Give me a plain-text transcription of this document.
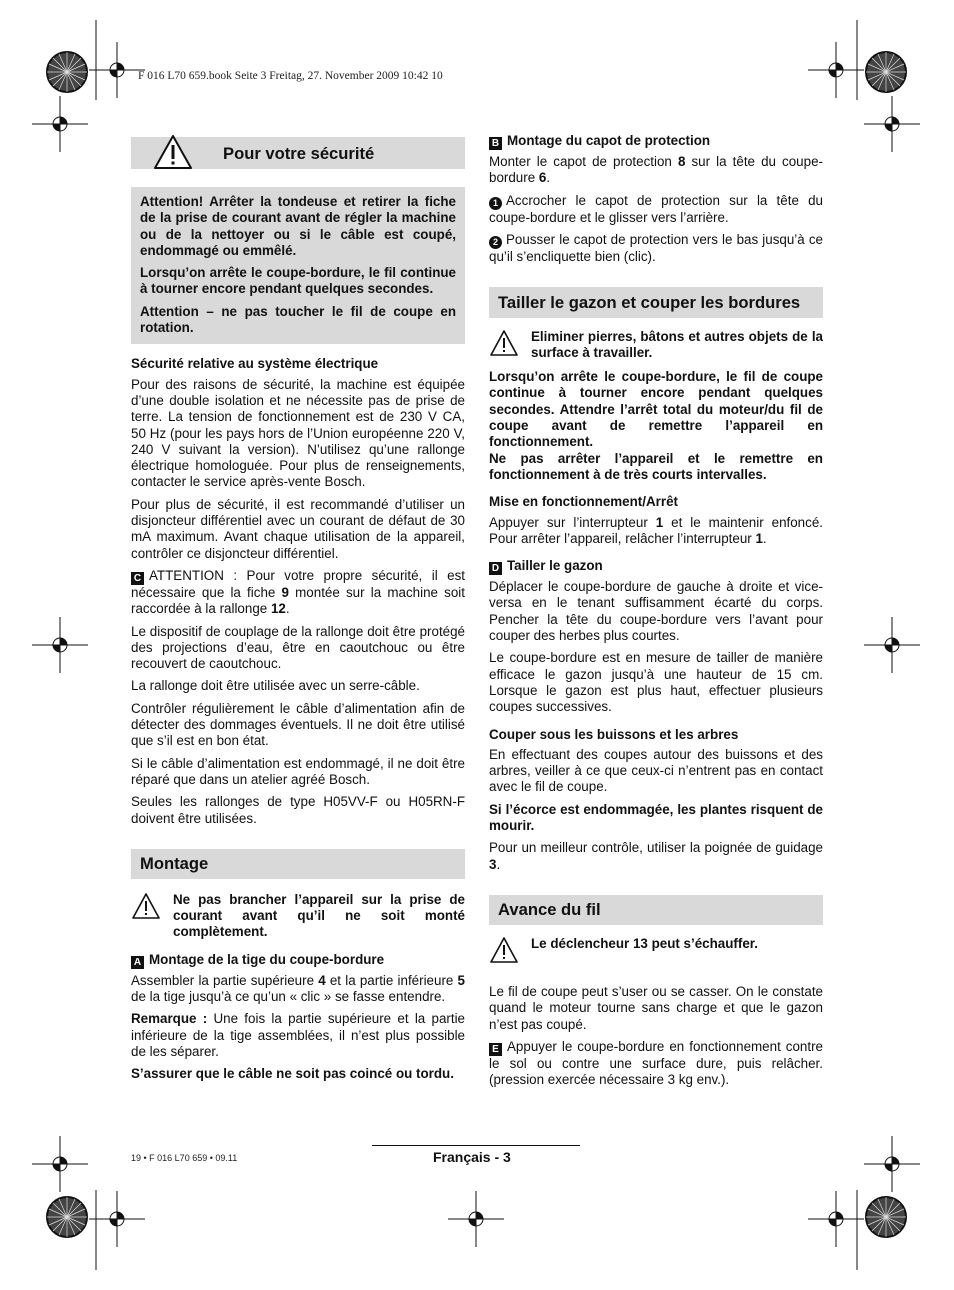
F 016 L70 659.book Seite 3 Freitag, 27. November 2009 10:42 10
Pour votre sécurité

Attention! Arrêter la tondeuse et retirer la fiche de la prise de courant avant de régler la machine ou de la nettoyer ou si le câble est coupé, endommagé ou emmêlé.

Lorsqu’on arrête le coupe-bordure, le fil continue à tourner encore pendant quelques secondes.

Attention – ne pas toucher le fil de coupe en rotation.

Sécurité relative au système électrique

Pour des raisons de sécurité, la machine est équipée d’une double isolation et ne nécessite pas de prise de terre. La tension de fonctionnement est de 230 V CA, 50 Hz (pour les pays hors de l’Union européenne 220 V, 240 V suivant la version). N’utilisez qu’une rallonge électrique homologuée. Pour plus de renseignements, contacter le service après-vente Bosch.

Pour plus de sécurité, il est recommandé d’utiliser un disjoncteur différentiel avec un courant de défaut de 30 mA maximum. Avant chaque utilisation de la appareil, contrôler ce disjoncteur différentiel.

C ATTENTION : Pour votre propre sécurité, il est nécessaire que la fiche 9 montée sur la machine soit raccordée à la rallonge 12.

Le dispositif de couplage de la rallonge doit être protégé des projections d’eau, être en caoutchouc ou être recouvert de caoutchouc.

La rallonge doit être utilisée avec un serre-câble.

Contrôler régulièrement le câble d’alimentation afin de détecter des dommages éventuels. Il ne doit être utilisé que s’il est en bon état.

Si le câble d’alimentation est endommagé, il ne doit être réparé que dans un atelier agréé Bosch.

Seules les rallonges de type H05VV-F ou H05RN-F doivent être utilisées.

Montage
Ne pas brancher l’appareil sur la prise de courant avant qu’il ne soit monté complètement.
A Montage de la tige du coupe-bordure

Assembler la partie supérieure 4 et la partie inférieure 5 de la tige jusqu’à ce qu’un « clic » se fasse entendre.

Remarque : Une fois la partie supérieure et la partie inférieure de la tige assemblées, il n’est plus possible de les séparer.

S’assurer que le câble ne soit pas coincé ou tordu.

B Montage du capot de protection

Monter le capot de protection 8 sur la tête du coupe-bordure 6.

1 Accrocher le capot de protection sur la tête du coupe-bordure et le glisser vers l’arrière.

2 Pousser le capot de protection vers le bas jusqu’à ce qu’il s’encliquette bien (clic).

Tailler le gazon et couper les bordures
Eliminer pierres, bâtons et autres objets de la surface à travailler.

Lorsqu’on arrête le coupe-bordure, le fil de coupe continue à tourner encore pendant quelques secondes. Attendre l’arrêt total du moteur/du fil de coupe avant de remettre l’appareil en fonctionnement.

Ne pas arrêter l’appareil et le remettre en fonctionnement à de très courts intervalles.

Mise en fonctionnement/Arrêt

Appuyer sur l’interrupteur 1 et le maintenir enfoncé. Pour arrêter l’appareil, relâcher l’interrupteur 1.

D Tailler le gazon

Déplacer le coupe-bordure de gauche à droite et vice-versa en le tenant suffisamment écarté du corps. Pencher la tête du coupe-bordure vers l’avant pour couper des herbes plus courtes.

Le coupe-bordure est en mesure de tailler de manière efficace le gazon jusqu’à une hauteur de 15 cm. Lorsque le gazon est plus haut, effectuer plusieurs coupes successives.

Couper sous les buissons et les arbres

En effectuant des coupes autour des buissons et des arbres, veiller à ce que ceux-ci n’entrent pas en contact avec le fil de coupe.

Si l’écorce est endommagée, les plantes risquent de mourir.

Pour un meilleur contrôle, utiliser la poignée de guidage 3.

Avance du fil
Le déclencheur 13 peut s’échauffer.

Le fil de coupe peut s’user ou se casser. On le constate quand le moteur tourne sans charge et que le gazon n’est pas coupé.

E Appuyer le coupe-bordure en fonctionnement contre le sol ou contre une surface dure, puis relâcher. (pression exercée nécessaire 3 kg env.).

19 • F 016 L70 659 • 09.11	Français - 3
